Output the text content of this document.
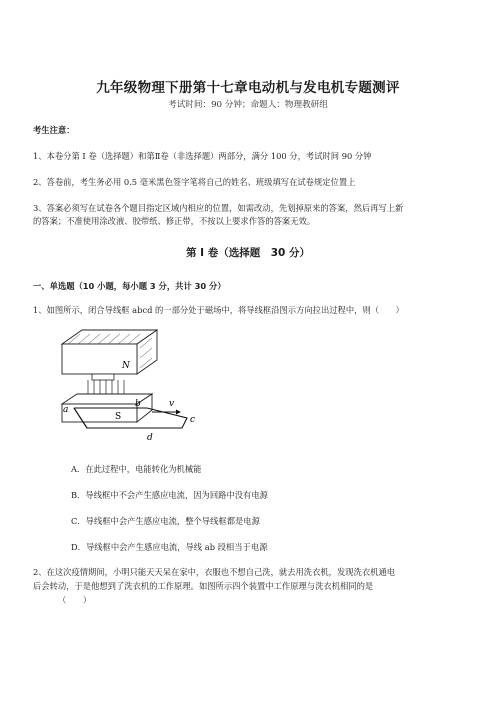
九年级物理下册第十七章电动机与发电机专题测评
考试时间：90 分钟；命题人：物理教研组
考生注意：
1、本卷分第 I 卷（选择题）和第Ⅱ卷（非选择题）两部分，满分 100 分，考试时间 90 分钟
2、答卷前，考生务必用 0.5 毫米黑色签字笔将自己的姓名、班级填写在试卷规定位置上
3、答案必须写在试卷各个题目指定区域内相应的位置，如需改动，先划掉原来的答案，然后再写上新
的答案；不准使用涂改液、胶带纸、修正带，不按以上要求作答的答案无效。
第 I 卷（选择题　30 分）
一、单选题（10 小题，每小题 3 分，共计 30 分）
1、如图所示，闭合导线框 abcd 的一部分处于磁场中，将导线框沿图示方向拉出过程中，则（　　）
N
S
a
b
c
d
v
A．在此过程中，电能转化为机械能
B．导线框中不会产生感应电流，因为回路中没有电源
C．导线框中会产生感应电流，整个导线框都是电源
D．导线框中会产生感应电流，导线 ab 段相当于电源
2、在这次疫情期间，小明只能天天呆在家中，衣服也不想自己洗，就去用洗衣机，发现洗衣机通电
后会转动，于是他想到了洗衣机的工作原理。如图所示四个装置中工作原理与洗衣机相同的是
（　　）
